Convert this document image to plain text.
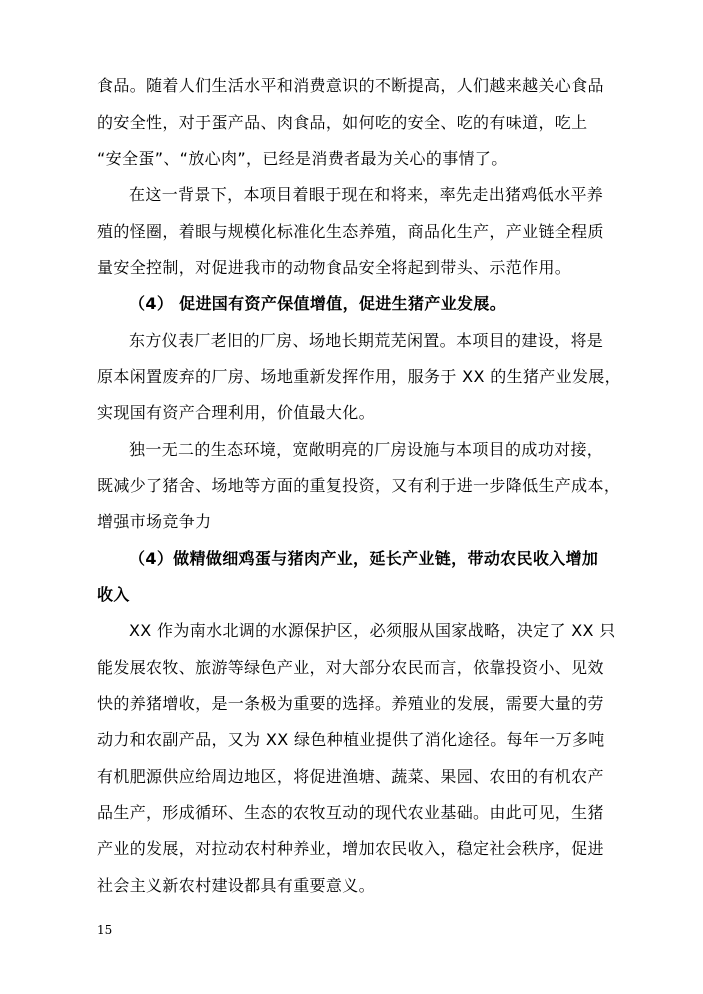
食品。随着人们生活水平和消费意识的不断提高，人们越来越关心食品
的安全性，对于蛋产品、肉食品，如何吃的安全、吃的有味道，吃上
“安全蛋”、“放心肉”，已经是消费者最为关心的事情了。
在这一背景下，本项目着眼于现在和将来，率先走出猪鸡低水平养
殖的怪圈，着眼与规模化标准化生态养殖，商品化生产，产业链全程质
量安全控制，对促进我市的动物食品安全将起到带头、示范作用。
（4） 促进国有资产保值增值，促进生猪产业发展。
东方仪表厂老旧的厂房、场地长期荒芜闲置。本项目的建设，将是
原本闲置废弃的厂房、场地重新发挥作用，服务于 XX 的生猪产业发展，
实现国有资产合理利用，价值最大化。
独一无二的生态环境，宽敞明亮的厂房设施与本项目的成功对接，
既减少了猪舍、场地等方面的重复投资，又有利于进一步降低生产成本，
增强市场竞争力
（4）做精做细鸡蛋与猪肉产业，延长产业链，带动农民收入增加
收入
XX 作为南水北调的水源保护区，必须服从国家战略，决定了 XX 只
能发展农牧、旅游等绿色产业，对大部分农民而言，依靠投资小、见效
快的养猪增收，是一条极为重要的选择。养殖业的发展，需要大量的劳
动力和农副产品，又为 XX 绿色种植业提供了消化途径。每年一万多吨
有机肥源供应给周边地区，将促进渔塘、蔬菜、果园、农田的有机农产
品生产，形成循环、生态的农牧互动的现代农业基础。由此可见，生猪
产业的发展，对拉动农村种养业，增加农民收入，稳定社会秩序，促进
社会主义新农村建设都具有重要意义。
15
